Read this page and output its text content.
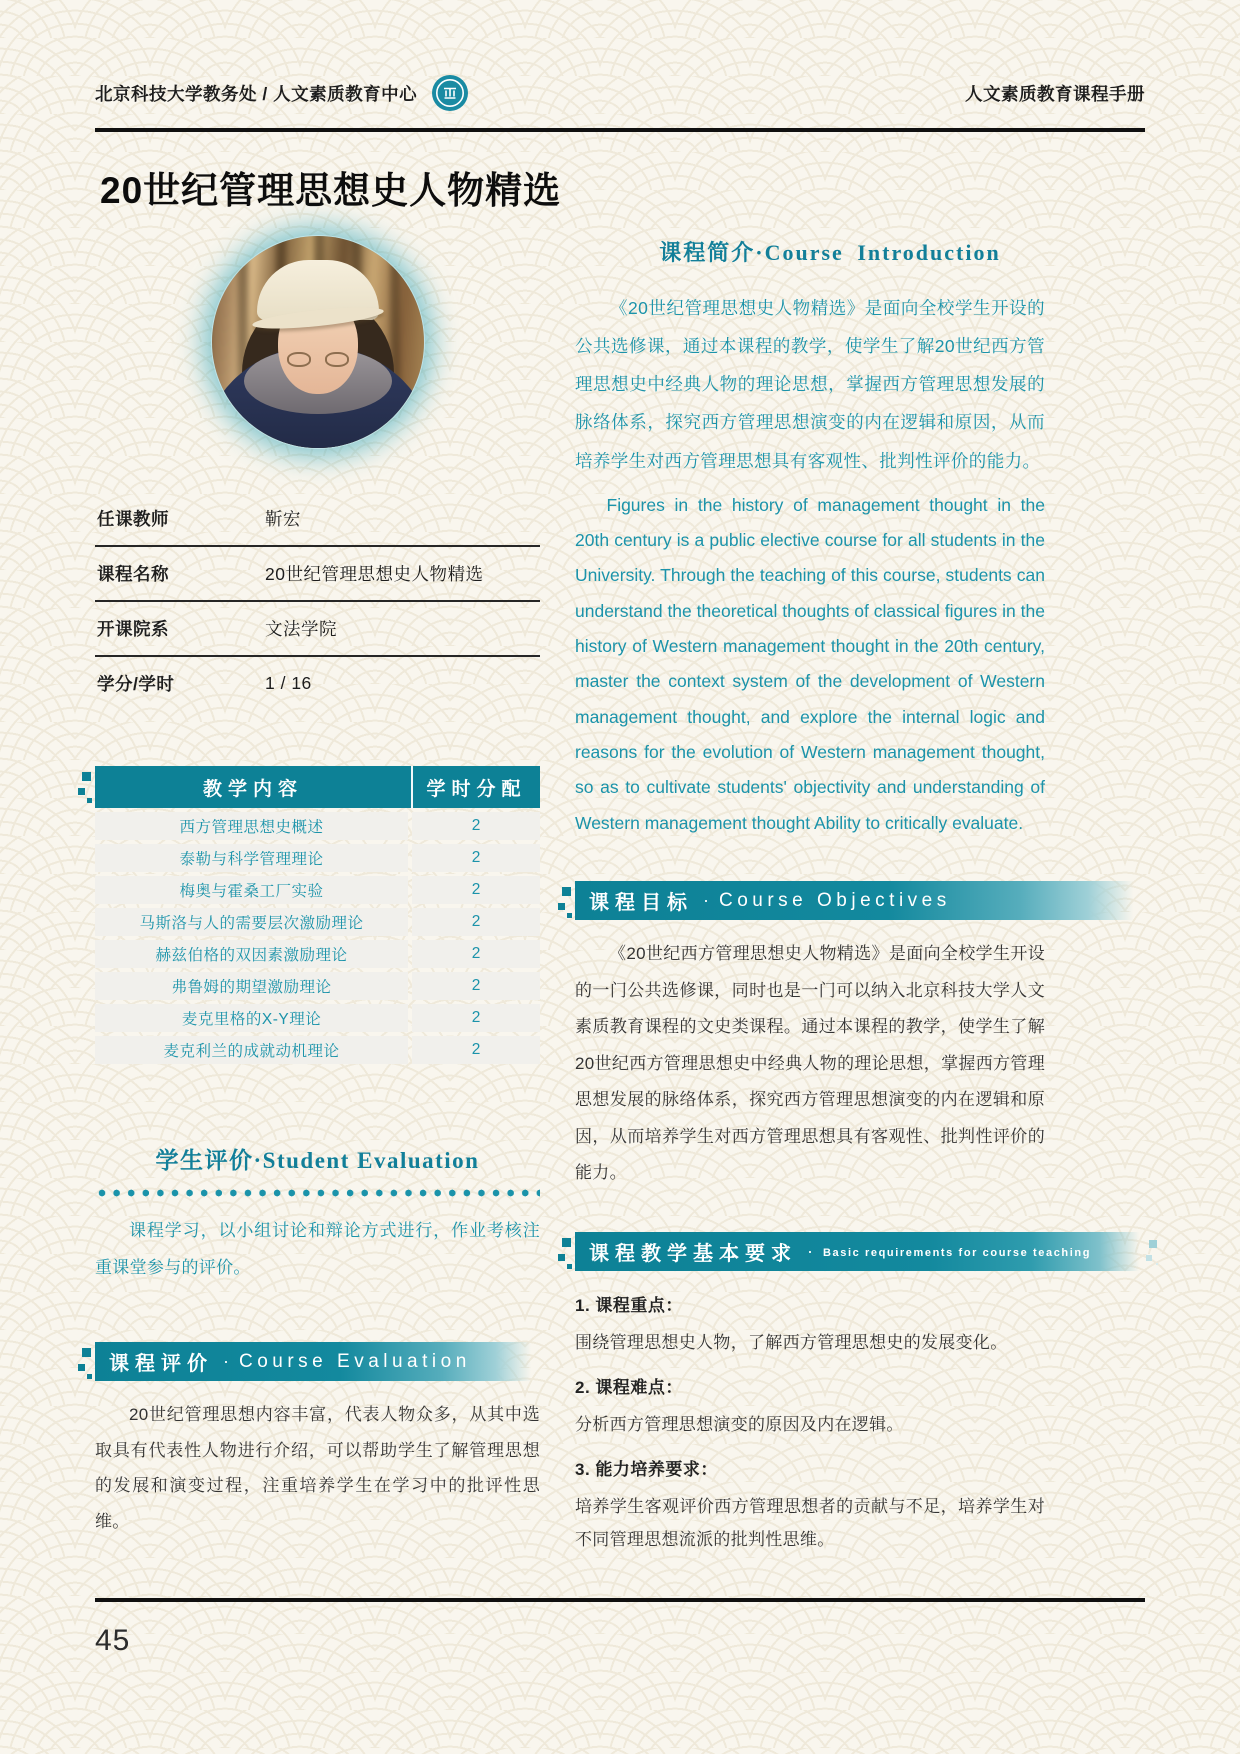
北京科技大学教务处 / 人文素质教育中心	人文素质教育课程手册
20世纪管理思想史人物精选
任课教师	靳宏
课程名称	20世纪管理思想史人物精选
开课院系	文法学院
学分/学时	1 / 16
教学内容	学时分配
西方管理思想史概述	2
泰勒与科学管理理论	2
梅奥与霍桑工厂实验	2
马斯洛与人的需要层次激励理论	2
赫兹伯格的双因素激励理论	2
弗鲁姆的期望激励理论	2
麦克里格的X-Y理论	2
麦克利兰的成就动机理论	2
学生评价·Student Evaluation

课程学习，以小组讨论和辩论方式进行，作业考核注重课堂参与的评价。

课程评价 · Course Evaluation

20世纪管理思想内容丰富，代表人物众多，从其中选取具有代表性人物进行介绍，可以帮助学生了解管理思想的发展和演变过程，注重培养学生在学习中的批评性思维。

课程简介·Course Introduction

《20世纪管理思想史人物精选》是面向全校学生开设的公共选修课，通过本课程的教学，使学生了解20世纪西方管理思想史中经典人物的理论思想，掌握西方管理思想发展的脉络体系，探究西方管理思想演变的内在逻辑和原因，从而培养学生对西方管理思想具有客观性、批判性评价的能力。

Figures in the history of management thought in the 20th century is a public elective course for all students in the University. Through the teaching of this course, students can understand the theoretical thoughts of classical figures in the history of Western management thought in the 20th century, master the context system of the development of Western management thought, and explore the internal logic and reasons for the evolution of Western management thought, so as to cultivate students' objectivity and understanding of Western management thought Ability to critically evaluate.

课程目标 · Course Objectives

《20世纪西方管理思想史人物精选》是面向全校学生开设的一门公共选修课，同时也是一门可以纳入北京科技大学人文素质教育课程的文史类课程。通过本课程的教学，使学生了解20世纪西方管理思想史中经典人物的理论思想，掌握西方管理思想发展的脉络体系，探究西方管理思想演变的内在逻辑和原因，从而培养学生对西方管理思想具有客观性、批判性评价的能力。

课程教学基本要求 · Basic requirements for course teaching
1. 课程重点：
围绕管理思想史人物，了解西方管理思想史的发展变化。
2. 课程难点：
分析西方管理思想演变的原因及内在逻辑。
3. 能力培养要求：
培养学生客观评价西方管理思想者的贡献与不足，培养学生对不同管理思想流派的批判性思维。
45
